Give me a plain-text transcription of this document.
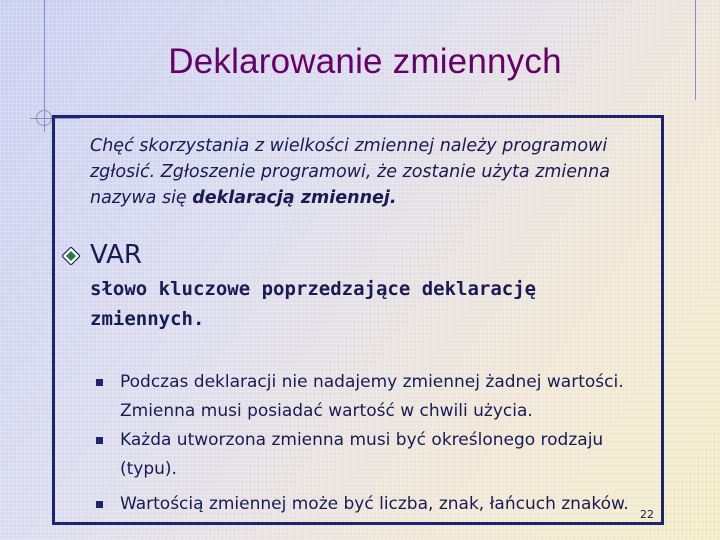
Deklarowanie zmiennych
Chęć skorzystania z wielkości zmiennej należy programowi zgłosić. Zgłoszenie programowi, że zostanie użyta zmienna nazywa się deklaracją zmiennej.
VAR
słowo kluczowe poprzedzające deklarację zmiennych.
Podczas deklaracji nie nadajemy zmiennej żadnej wartości. Zmienna musi posiadać wartość w chwili użycia.
Każda utworzona zmienna musi być określonego rodzaju (typu).
Wartością zmiennej może być liczba, znak, łańcuch znaków.
22
